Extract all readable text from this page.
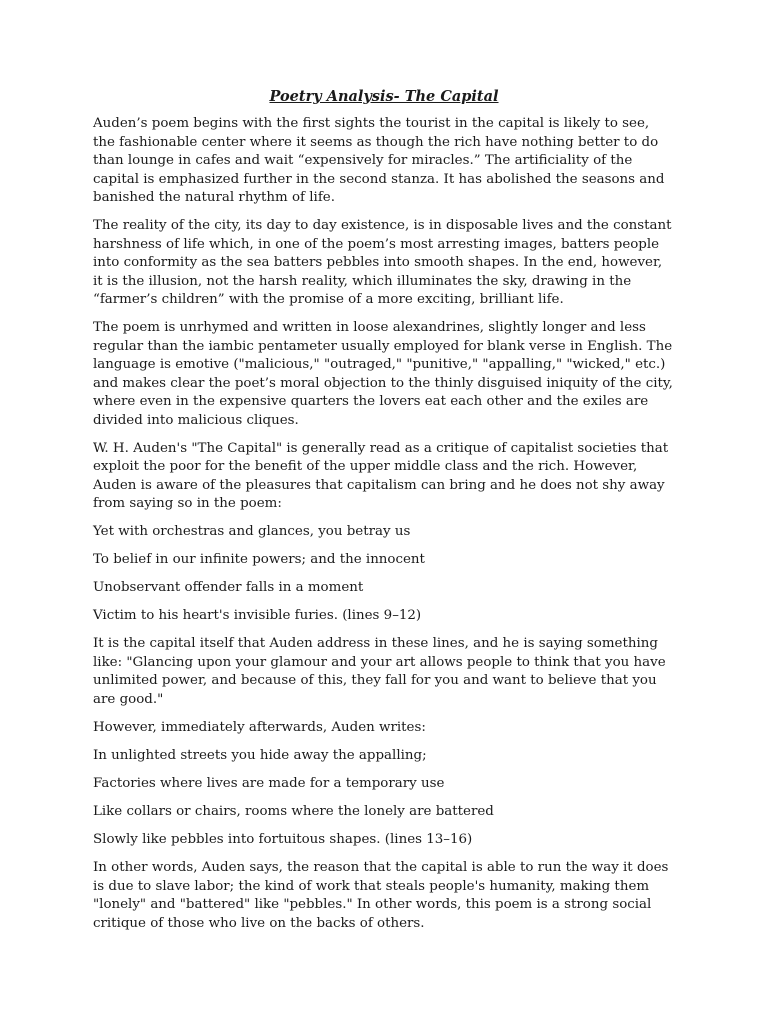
Poetry Analysis- The Capital
Auden’s poem begins with the first sights the tourist in the capital is likely to see, the fashionable center where it seems as though the rich have nothing better to do than lounge in cafes and wait “expensively for miracles.” The artificiality of the capital is emphasized further in the second stanza. It has abolished the seasons and banished the natural rhythm of life.
The reality of the city, its day to day existence, is in disposable lives and the constant harshness of life which, in one of the poem’s most arresting images, batters people into conformity as the sea batters pebbles into smooth shapes. In the end, however, it is the illusion, not the harsh reality, which illuminates the sky, drawing in the “farmer’s children” with the promise of a more exciting, brilliant life.
The poem is unrhymed and written in loose alexandrines, slightly longer and less regular than the iambic pentameter usually employed for blank verse in English. The language is emotive ("malicious," "outraged," "punitive," "appalling," "wicked," etc.) and makes clear the poet’s moral objection to the thinly disguised iniquity of the city, where even in the expensive quarters the lovers eat each other and the exiles are divided into malicious cliques.
W. H. Auden's "The Capital" is generally read as a critique of capitalist societies that exploit the poor for the benefit of the upper middle class and the rich. However, Auden is aware of the pleasures that capitalism can bring and he does not shy away from saying so in the poem:
Yet with orchestras and glances, you betray us
To belief in our infinite powers; and the innocent
Unobservant offender falls in a moment
Victim to his heart's invisible furies. (lines 9–12)
It is the capital itself that Auden address in these lines, and he is saying something like: "Glancing upon your glamour and your art allows people to think that you have unlimited power, and because of this, they fall for you and want to believe that you are good."
However, immediately afterwards, Auden writes:
In unlighted streets you hide away the appalling;
Factories where lives are made for a temporary use
Like collars or chairs, rooms where the lonely are battered
Slowly like pebbles into fortuitous shapes. (lines 13–16)
In other words, Auden says, the reason that the capital is able to run the way it does is due to slave labor; the kind of work that steals people's humanity, making them "lonely" and "battered" like "pebbles." In other words, this poem is a strong social critique of those who live on the backs of others.
